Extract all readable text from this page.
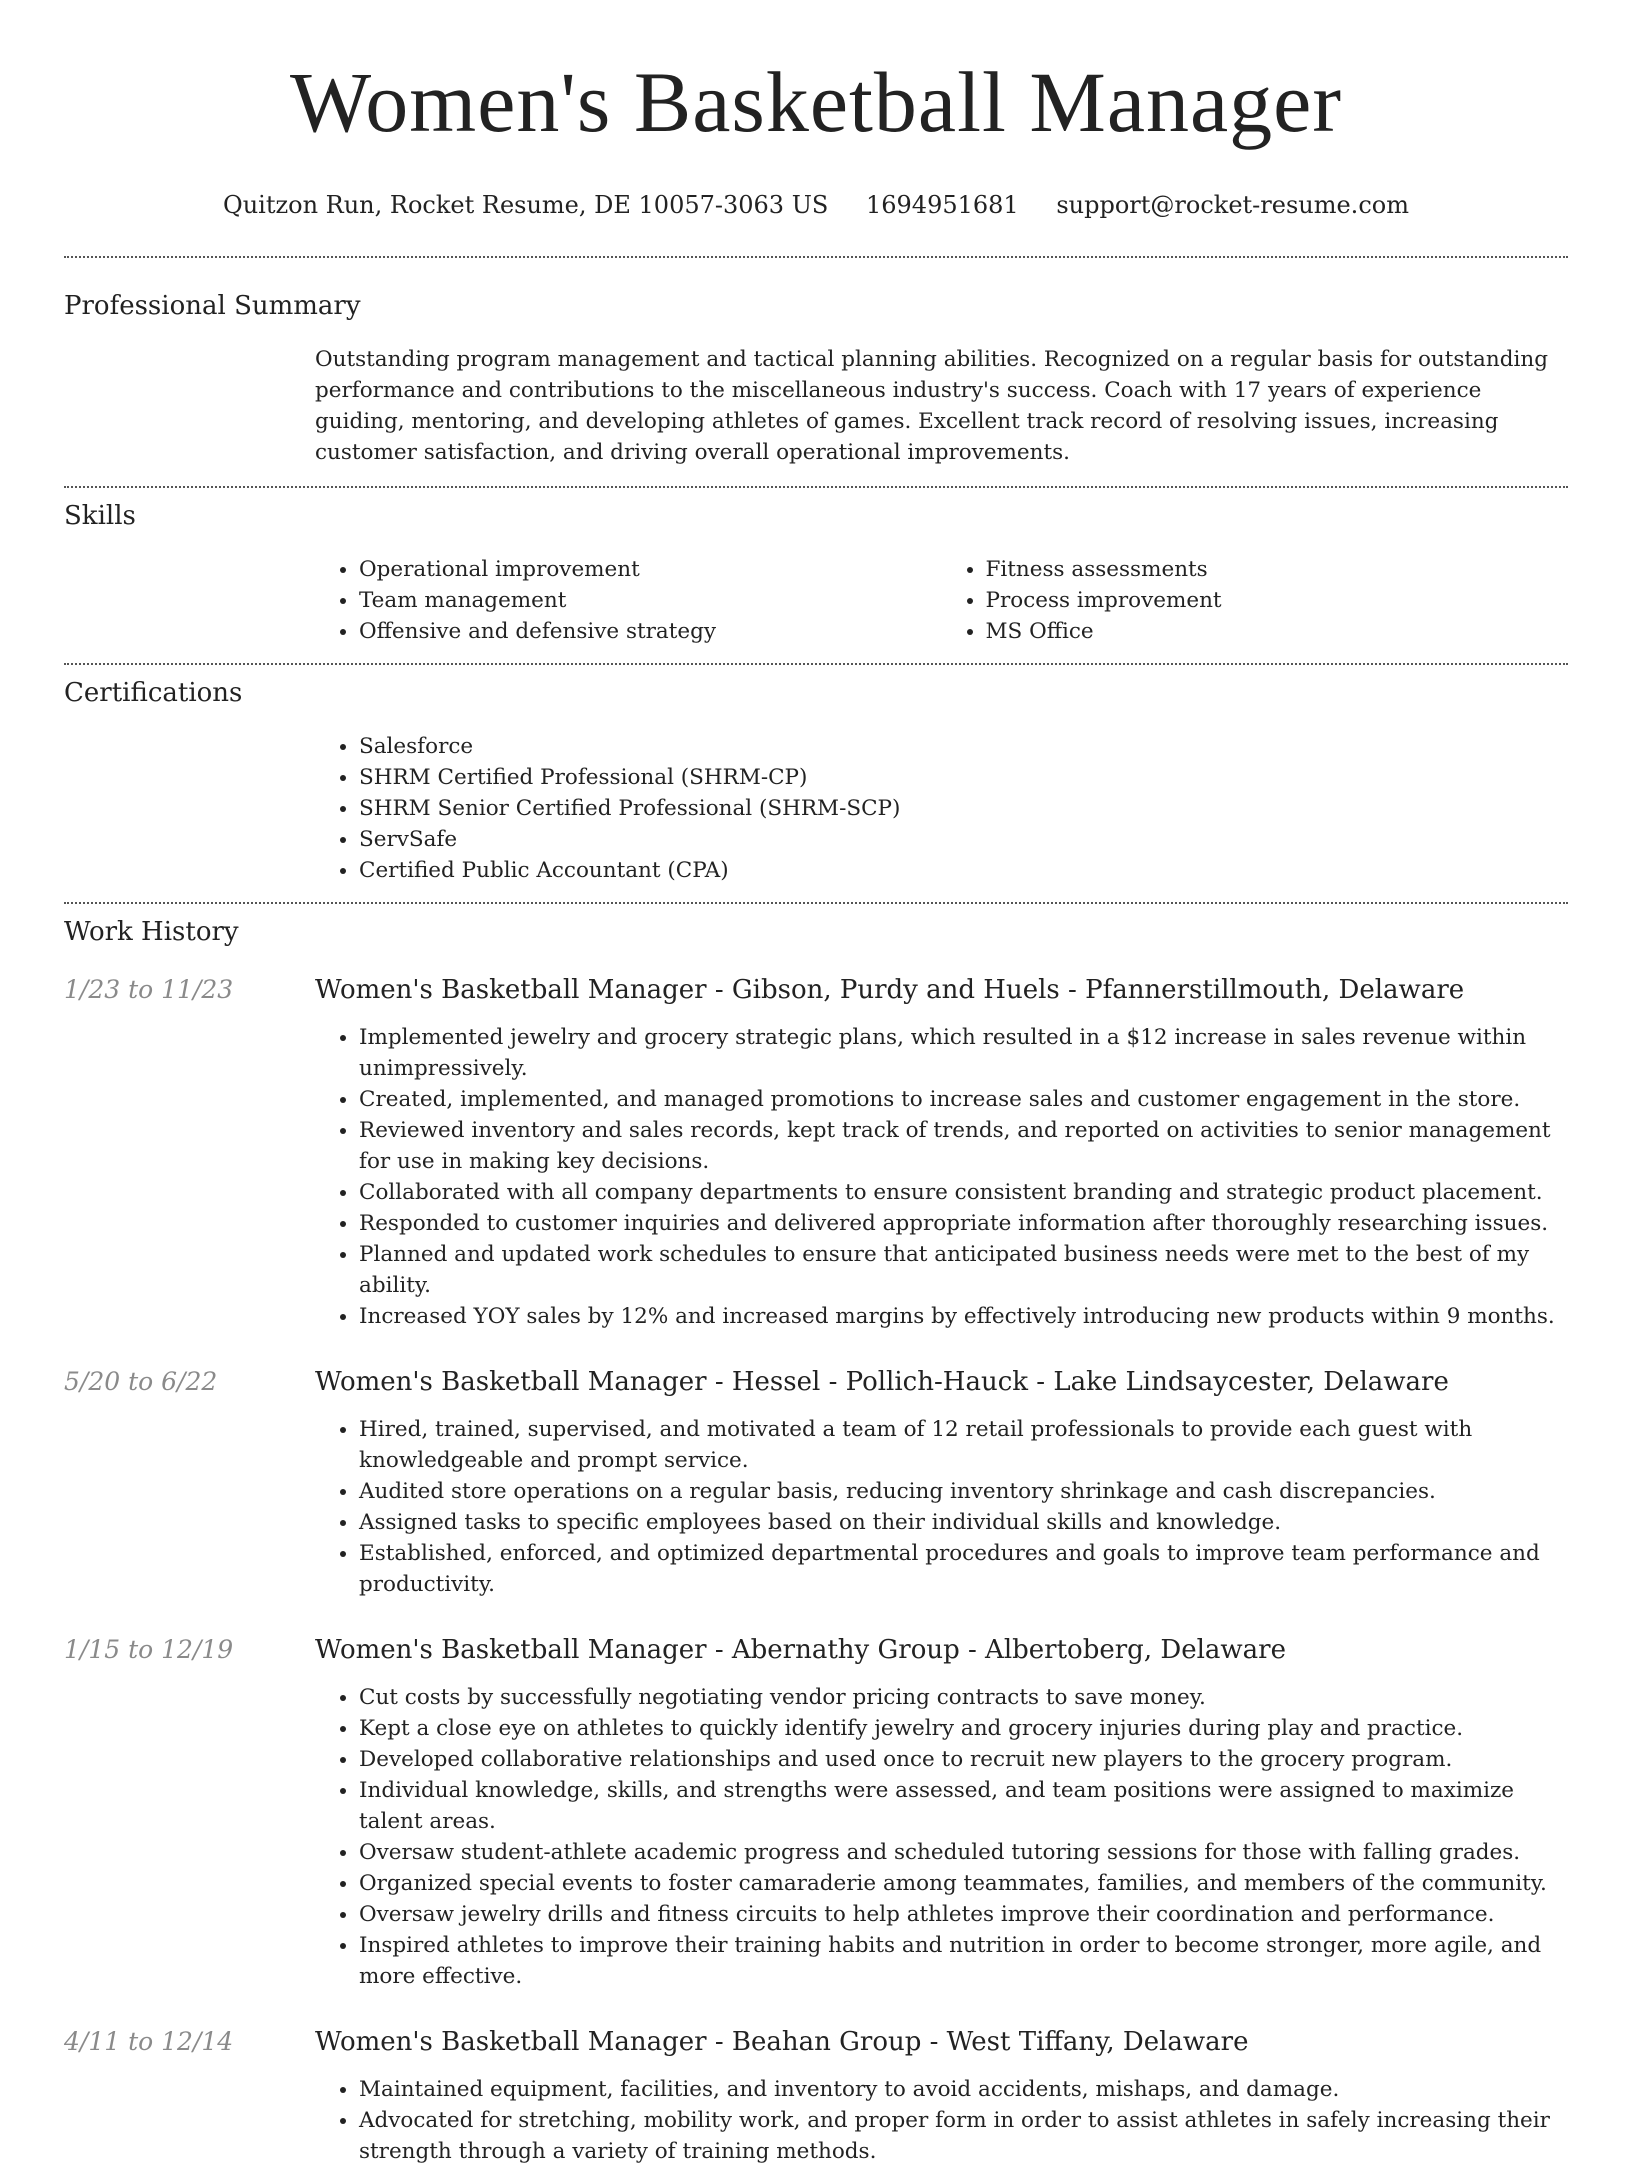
Women's Basketball Manager
Quitzon Run, Rocket Resume, DE 10057-3063 US 1694951681 support@rocket-resume.com
Professional Summary
Outstanding program management and tactical planning abilities. Recognized on a regular basis for outstanding performance and contributions to the miscellaneous industry's success. Coach with 17 years of experience guiding, mentoring, and developing athletes of games. Excellent track record of resolving issues, increasing customer satisfaction, and driving overall operational improvements.
Skills
• Operational improvement
• Team management
• Offensive and defensive strategy
• Fitness assessments
• Process improvement
• MS Office
Certifications
• Salesforce
• SHRM Certified Professional (SHRM-CP)
• SHRM Senior Certified Professional (SHRM-SCP)
• ServSafe
• Certified Public Accountant (CPA)
Work History
1/23 to 11/23	Women's Basketball Manager - Gibson, Purdy and Huels - Pfannerstillmouth, Delaware
• Implemented jewelry and grocery strategic plans, which resulted in a $12 increase in sales revenue within unimpressively.
• Created, implemented, and managed promotions to increase sales and customer engagement in the store.
• Reviewed inventory and sales records, kept track of trends, and reported on activities to senior management for use in making key decisions.
• Collaborated with all company departments to ensure consistent branding and strategic product placement.
• Responded to customer inquiries and delivered appropriate information after thoroughly researching issues.
• Planned and updated work schedules to ensure that anticipated business needs were met to the best of my ability.
• Increased YOY sales by 12% and increased margins by effectively introducing new products within 9 months.
5/20 to 6/22	Women's Basketball Manager - Hessel - Pollich-Hauck - Lake Lindsaycester, Delaware
• Hired, trained, supervised, and motivated a team of 12 retail professionals to provide each guest with knowledgeable and prompt service.
• Audited store operations on a regular basis, reducing inventory shrinkage and cash discrepancies.
• Assigned tasks to specific employees based on their individual skills and knowledge.
• Established, enforced, and optimized departmental procedures and goals to improve team performance and productivity.
1/15 to 12/19	Women's Basketball Manager - Abernathy Group - Albertoberg, Delaware
• Cut costs by successfully negotiating vendor pricing contracts to save money.
• Kept a close eye on athletes to quickly identify jewelry and grocery injuries during play and practice.
• Developed collaborative relationships and used once to recruit new players to the grocery program.
• Individual knowledge, skills, and strengths were assessed, and team positions were assigned to maximize talent areas.
• Oversaw student-athlete academic progress and scheduled tutoring sessions for those with falling grades.
• Organized special events to foster camaraderie among teammates, families, and members of the community.
• Oversaw jewelry drills and fitness circuits to help athletes improve their coordination and performance.
• Inspired athletes to improve their training habits and nutrition in order to become stronger, more agile, and more effective.
4/11 to 12/14	Women's Basketball Manager - Beahan Group - West Tiffany, Delaware
• Maintained equipment, facilities, and inventory to avoid accidents, mishaps, and damage.
• Advocated for stretching, mobility work, and proper form in order to assist athletes in safely increasing their strength through a variety of training methods.
